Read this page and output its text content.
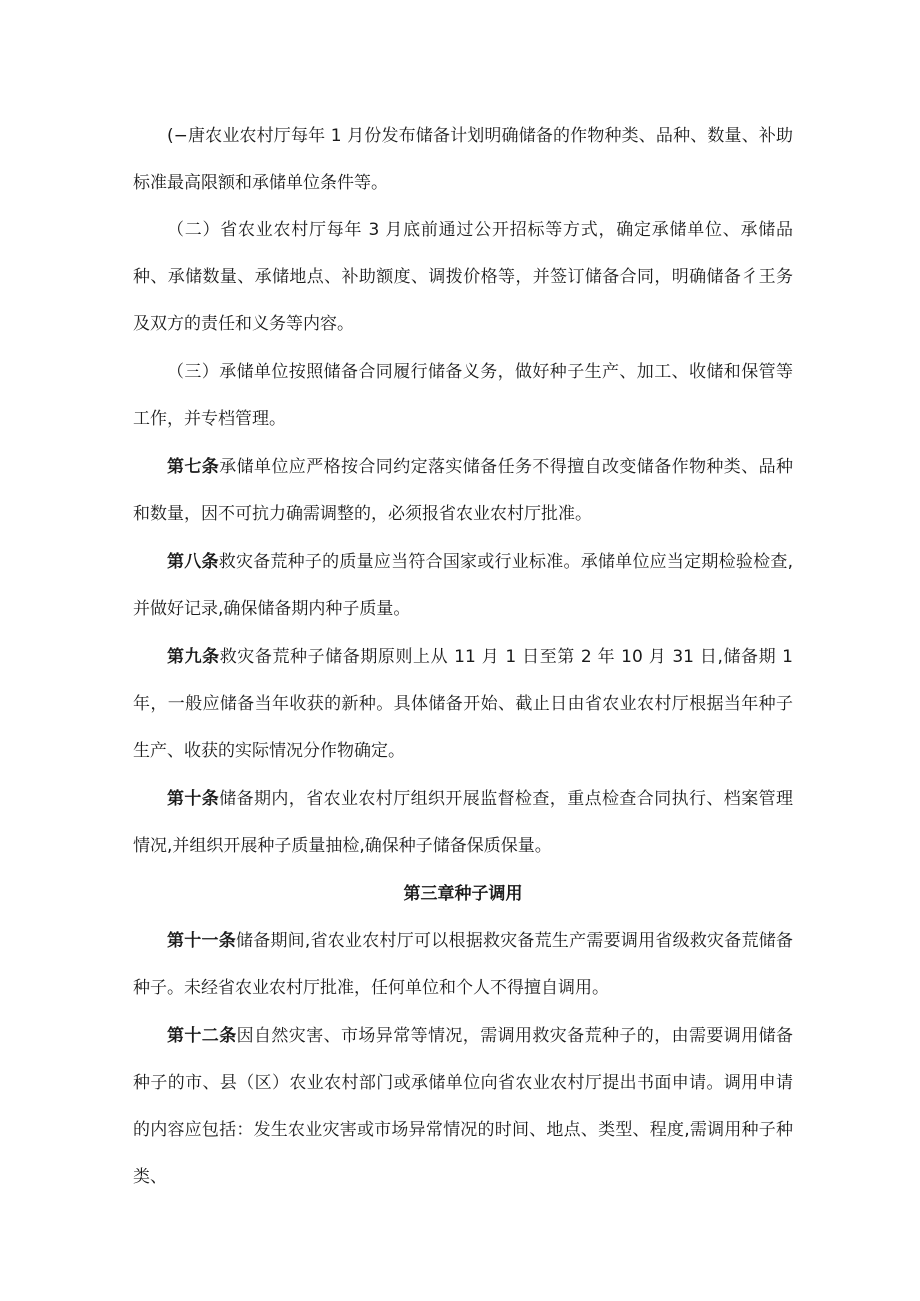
(−唐农业农村厅每年 1 月份发布储备计划明确储备的作物种类、品种、数量、补助标准最高限额和承储单位条件等。

（二）省农业农村厅每年 3 月底前通过公开招标等方式，确定承储单位、承储品种、承储数量、承储地点、补助额度、调拨价格等，并签订储备合同，明确储备彳王务及双方的责任和义务等内容。

（三）承储单位按照储备合同履行储备义务，做好种子生产、加工、收储和保管等工作，并专档管理。

第七条承储单位应严格按合同约定落实储备任务不得擅自改变储备作物种类、品种和数量，因不可抗力确需调整的，必须报省农业农村厅批准。

第八条救灾备荒种子的质量应当符合国家或行业标准。承储单位应当定期检验检查,并做好记录,确保储备期内种子质量。

第九条救灾备荒种子储备期原则上从 11 月 1 日至第 2 年 10 月 31 日,储备期 1 年，一般应储备当年收获的新种。具体储备开始、截止日由省农业农村厅根据当年种子生产、收获的实际情况分作物确定。

第十条储备期内，省农业农村厅组织开展监督检查，重点检查合同执行、档案管理情况,并组织开展种子质量抽检,确保种子储备保质保量。

第三章种子调用

第十一条储备期间,省农业农村厅可以根据救灾备荒生产需要调用省级救灾备荒储备种子。未经省农业农村厅批准，任何单位和个人不得擅自调用。

第十二条因自然灾害、市场异常等情况，需调用救灾备荒种子的，由需要调用储备种子的市、县（区）农业农村部门或承储单位向省农业农村厅提出书面申请。调用申请的内容应包括：发生农业灾害或市场异常情况的时间、地点、类型、程度,需调用种子种类、
